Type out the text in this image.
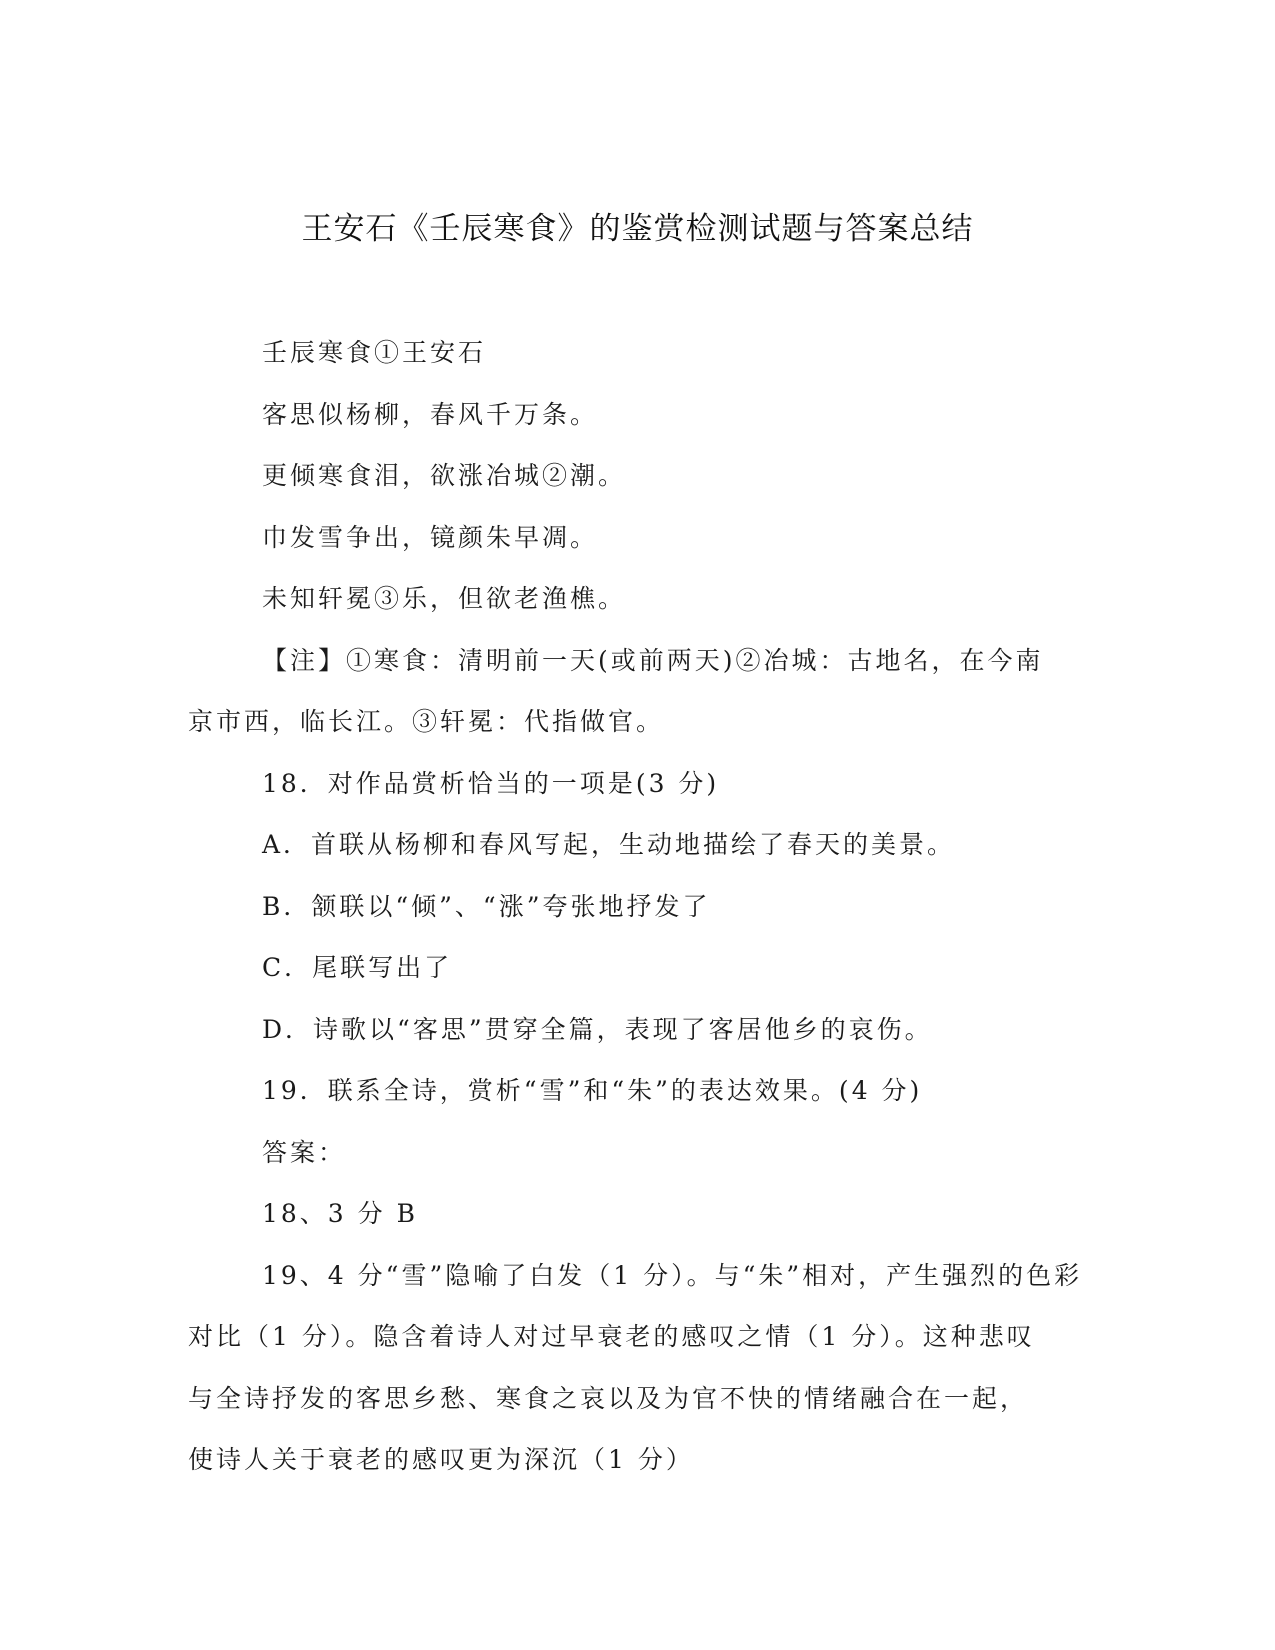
王安石《壬辰寒食》的鉴赏检测试题与答案总结

壬辰寒食①王安石

客思似杨柳，春风千万条。

更倾寒食泪，欲涨冶城②潮。

巾发雪争出，镜颜朱早凋。

未知轩冕③乐，但欲老渔樵。

【注】①寒食：清明前一天(或前两天)②冶城：古地名，在今南

京市西，临长江。③轩冕：代指做官。

18．对作品赏析恰当的一项是(3 分)

A．首联从杨柳和春风写起，生动地描绘了春天的美景。

B．颔联以“倾”、“涨”夸张地抒发了

C．尾联写出了

D．诗歌以“客思”贯穿全篇，表现了客居他乡的哀伤。

19．联系全诗，赏析“雪”和“朱”的表达效果。(4 分)

答案：

18、3 分 B

19、4 分“雪”隐喻了白发（1 分）。与“朱”相对，产生强烈的色彩

对比（1 分）。隐含着诗人对过早衰老的感叹之情（1 分）。这种悲叹

与全诗抒发的客思乡愁、寒食之哀以及为官不快的情绪融合在一起，

使诗人关于衰老的感叹更为深沉（1 分）
